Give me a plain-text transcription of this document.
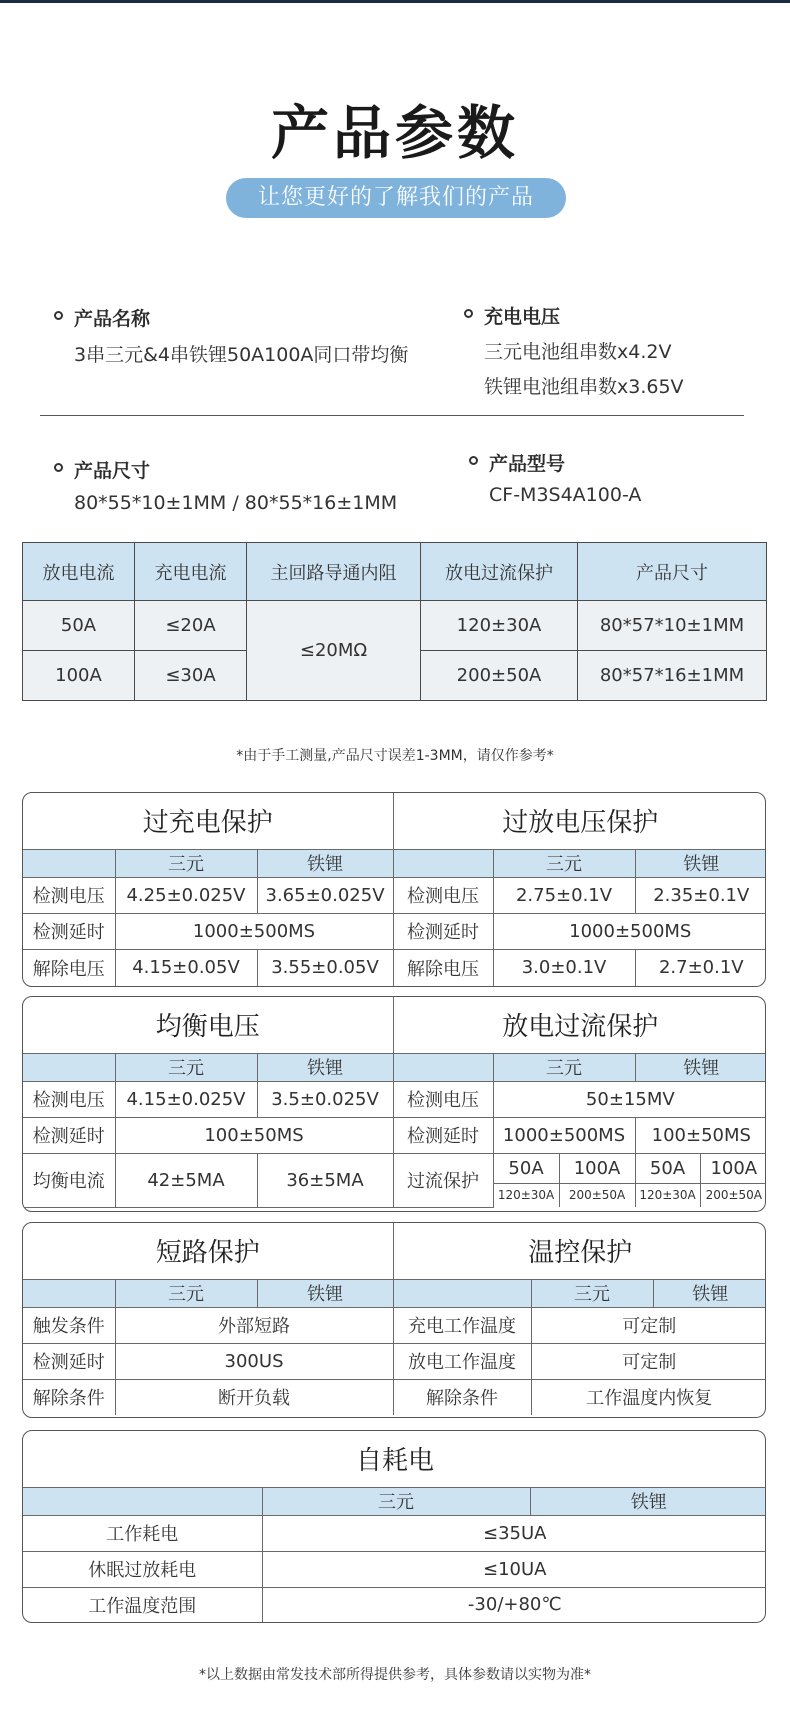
产品参数
让您更好的了解我们的产品
产品名称
3串三元&4串铁锂50A100A同口带均衡
充电电压
三元电池组串数x4.2V
铁锂电池组串数x3.65V
产品尺寸
80*55*10±1MM / 80*55*16±1MM
产品型号
CF-M3S4A100-A
放电电流	充电电流	主回路导通内阻	放电过流保护	产品尺寸
50A	≤20A	≤20MΩ	120±30A	80*57*10±1MM
100A	≤30A		200±50A	80*57*16±1MM
*由于手工测量,产品尺寸误差1-3MM，请仅作参考*
过充电保护			过放电压保护		
	三元	铁锂		三元	铁锂
检测电压	4.25±0.025V	3.65±0.025V	检测电压	2.75±0.1V	2.35±0.1V
检测延时	1000±500MS		检测延时	1000±500MS	
解除电压	4.15±0.05V	3.55±0.05V	解除电压	3.0±0.1V	2.7±0.1V
均衡电压			放电过流保护				
	三元	铁锂		三元		铁锂	
检测电压	4.15±0.025V	3.5±0.025V	检测电压	50±15MV			
检测延时	100±50MS		检测延时	1000±500MS		100±50MS	
均衡电流	42±5MA	36±5MA	过流保护	50A	100A	50A	100A
				120±30A	200±50A	120±30A	200±50A
短路保护			温控保护		
	三元	铁锂		三元	铁锂
触发条件	外部短路		充电工作温度	可定制	
检测延时	300US		放电工作温度	可定制	
解除条件	断开负载		解除条件	工作温度内恢复	
自耗电		
	三元	铁锂
工作耗电	≤35UA	
休眠过放耗电	≤10UA	
工作温度范围	-30/+80℃	
*以上数据由常发技术部所得提供参考，具体参数请以实物为准*
